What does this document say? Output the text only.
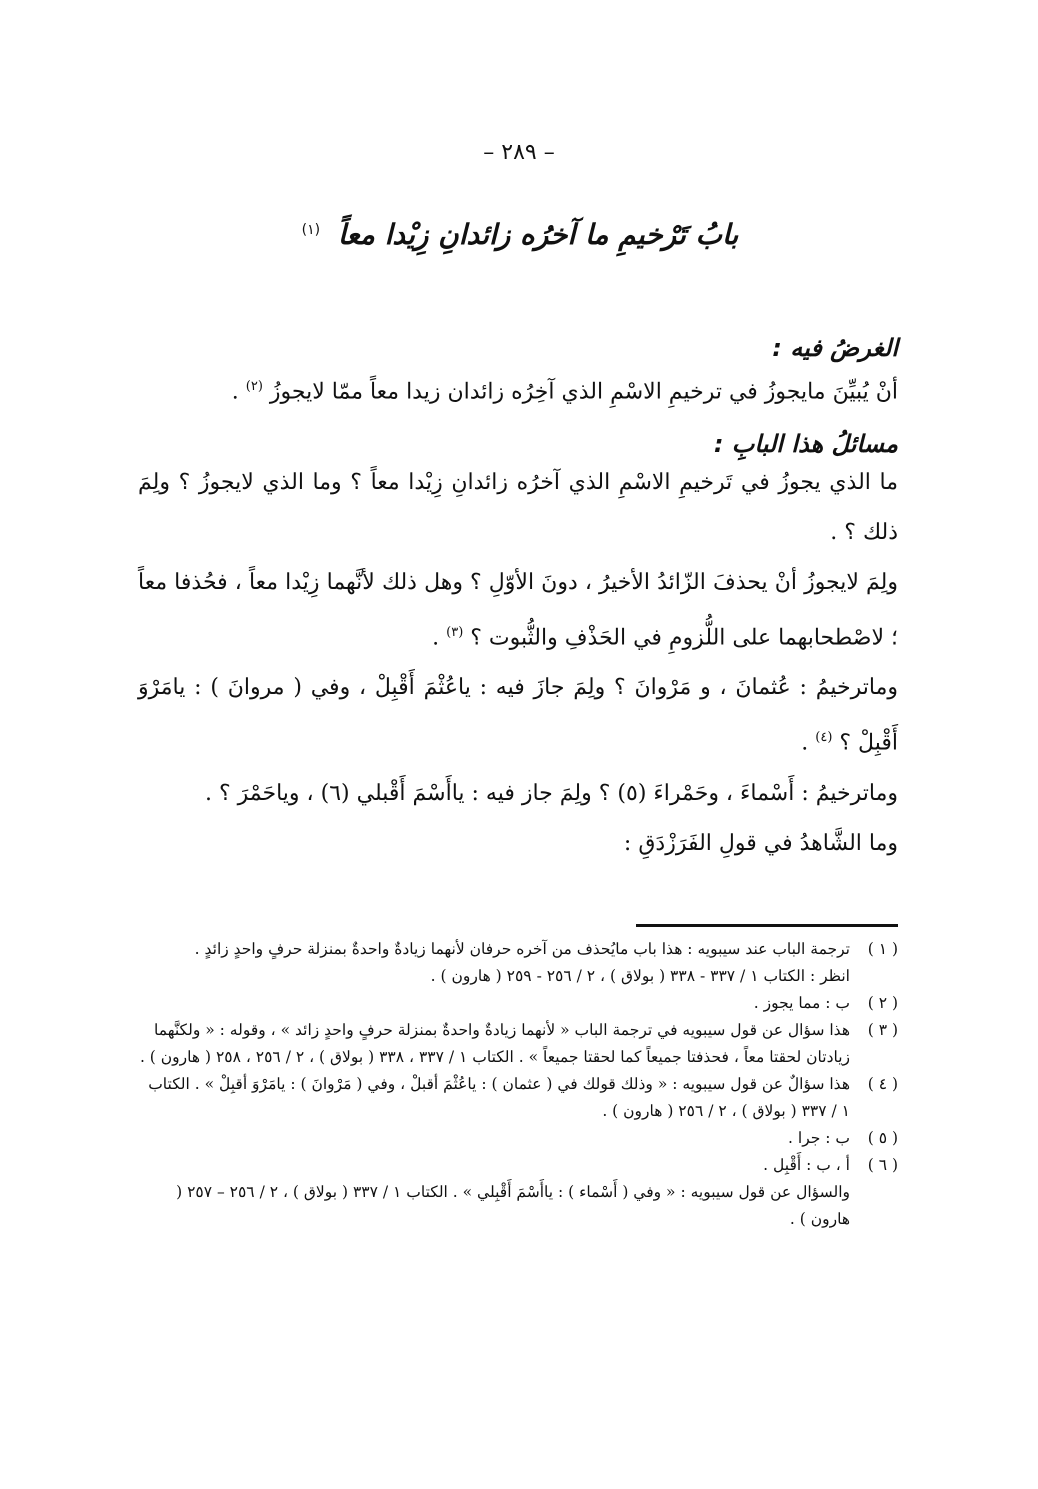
– ٢٨٩ –
بابُ تَرْخيمِ ما آخرُه زائدانِ زِيْدا معاً $^{(١)}$
الغرضُ فيه :
أنْ يُبيِّنَ مايجوزُ في ترخيمِ الاسْمِ الذي آخِرُه زائدان زيدا معاً ممّا لايجوزُ $^{(٢)}$ .
مسائلُ هذا البابِ :
ما الذي يجوزُ في تَرخيمِ الاسْمِ الذي آخرُه زائدانِ زِيْدا معاً ؟ وما الذي لايجوزُ ؟ ولِمَ ذلك ؟ .
ولِمَ لايجوزُ أنْ يحذفَ الزّائدُ الأخيرُ ، دونَ الأوّلِ ؟ وهل ذلك لأنَّهما زِيْدا معاً ، فحُذفا معاً ؛ لاصْطحابهما على اللُّزومِ في الحَذْفِ والثُّبوت ؟ $^{(٣)}$ .
وماترخيمُ : عُثمانَ ، و مَرْوانَ ؟ ولِمَ جازَ فيه : ياعُثْمَ أَقْبِلْ ، وفي ( مروانَ ) : يامَرْوَ أَقْبِلْ ؟ $^{(٤)}$ .
وماترخيمُ : أَسْماءَ ، وحَمْراءَ (٥) ؟ ولِمَ جاز فيه : ياأَسْمَ أَقْبلي (٦) ، وياحَمْرَ ؟ .
وما الشَّاهدُ في قولِ الفَرَزْدَقِ :
( ١ )
ترجمة الباب عند سيبويه : هذا باب مايُحذف من آخره حرفان لأنهما زيادةٌ واحدةٌ بمنزلة حرفٍ واحدٍ زائدٍ .
انظر : الكتاب ١ / ٣٣٧ - ٣٣٨ ( بولاق ) ، ٢ / ٢٥٦ - ٢٥٩ ( هارون ) .
( ٢ )
ب : مما يجوز .
( ٣ )
هذا سؤال عن قول سيبويه في ترجمة الباب « لأنهما زيادةٌ واحدةٌ بمنزلة حرفٍ واحدٍ زائد » ، وقوله : « ولكنَّهما زيادتان لحقتا معاً ، فحذفتا جميعاً كما لحقتا جميعاً » . الكتاب ١ / ٣٣٧ ، ٣٣٨ ( بولاق ) ، ٢ / ٢٥٦ ، ٢٥٨ ( هارون ) .
( ٤ )
هذا سؤالٌ عن قول سيبويه : « وذلك قولك في ( عثمان ) : ياعُثْمَ أقبلْ ، وفي ( مَرْوانَ ) : يامَرْوَ أقبِلْ » . الكتاب ١ / ٣٣٧ ( بولاق ) ، ٢ / ٢٥٦ ( هارون ) .
( ٥ )
ب : جرا .
( ٦ )
أ ، ب : أَقْبِل .
والسؤال عن قول سيبويه : « وفي ( أَسْماء ) : ياأَسْمَ أَقْبِلي » . الكتاب ١ / ٣٣٧ ( بولاق ) ، ٢ / ٢٥٦ – ٢٥٧ ( هارون ) .
